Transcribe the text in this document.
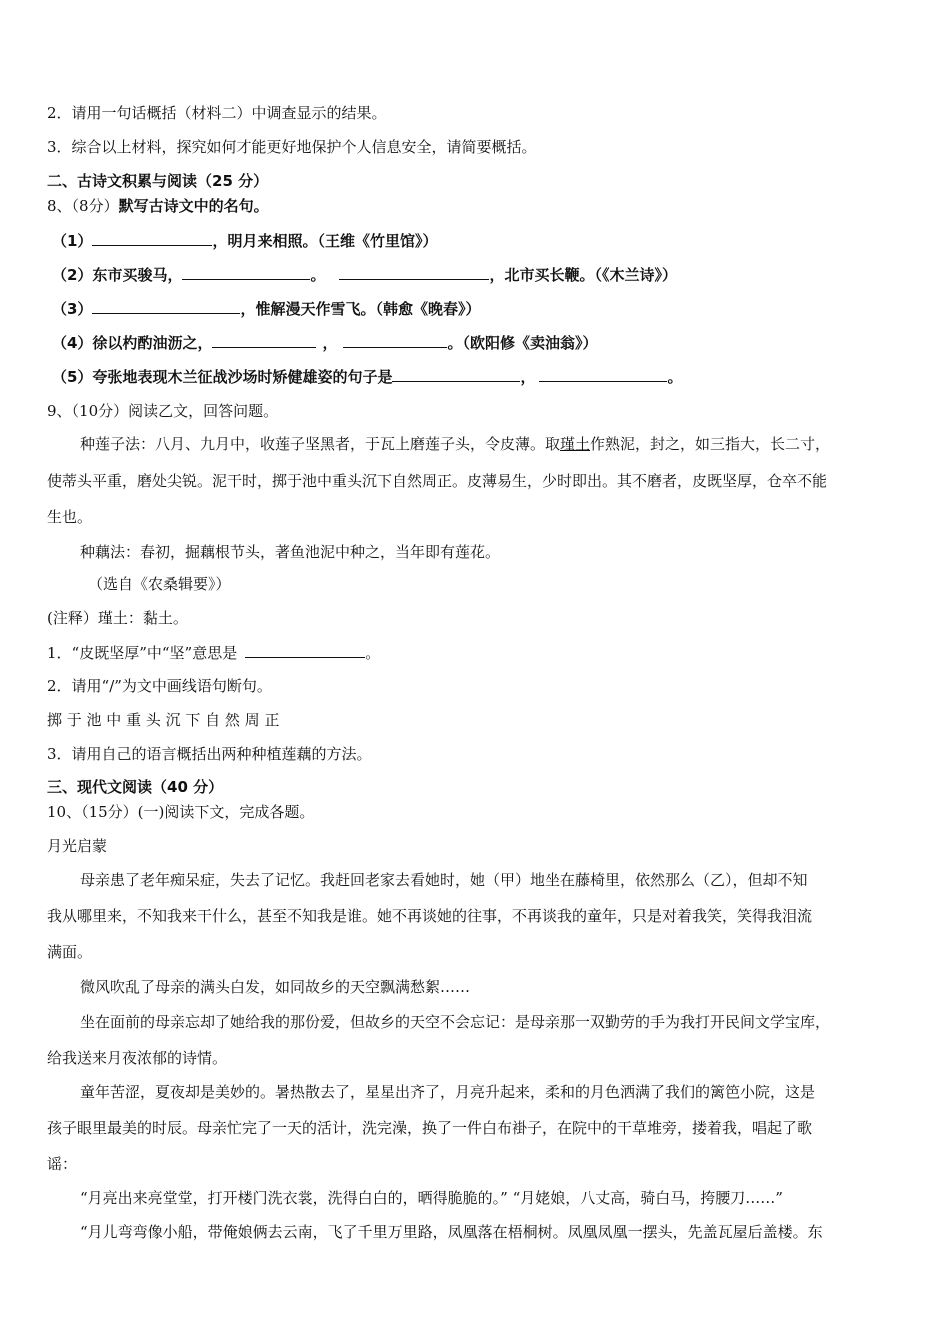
2．请用一句话概括（材料二）中调查显示的结果。
3．综合以上材料，探究如何才能更好地保护个人信息安全，请简要概括。
二、古诗文积累与阅读（25 分）
8、（8分）默写古诗文中的名句。
（1）	，明月来相照。（王维《竹里馆》）
（2）东市买骏马，	。	，北市买长鞭。（《木兰诗》）
（3）	，惟解漫天作雪飞。（韩愈《晚春》）
（4）徐以杓酌油沥之，	，	。（欧阳修《卖油翁》）
（5）夸张地表现木兰征战沙场时矫健雄姿的句子是	，	。
9、（10分）阅读乙文，回答问题。
种莲子法：八月、九月中，收莲子坚黑者，于瓦上磨莲子头，令皮薄。取瑾土作熟泥，封之，如三指大，长二寸，
使蒂头平重，磨处尖锐。泥干时，掷于池中重头沉下自然周正。皮薄易生，少时即出。其不磨者，皮既坚厚，仓卒不能
生也。
种藕法：春初，掘藕根节头，著鱼池泥中种之，当年即有莲花。
（选自《农桑辑要》）
(注释）瑾土：黏土。
1．“皮既坚厚”中“坚”意思是	。
2．请用“/”为文中画线语句断句。
掷 于 池 中 重 头 沉 下 自 然 周 正
3．请用自己的语言概括出两种种植莲藕的方法。
三、现代文阅读（40 分）
10、（15分）(一)阅读下文，完成各题。
月光启蒙
母亲患了老年痴呆症，失去了记忆。我赶回老家去看她时，她（甲）地坐在藤椅里，依然那么（乙），但却不知
我从哪里来，不知我来干什么，甚至不知我是谁。她不再谈她的往事，不再谈我的童年，只是对着我笑，笑得我泪流
满面。
微风吹乱了母亲的满头白发，如同故乡的天空飘满愁絮……
坐在面前的母亲忘却了她给我的那份爱，但故乡的天空不会忘记：是母亲那一双勤劳的手为我打开民间文学宝库，
给我送来月夜浓郁的诗情。
童年苦涩，夏夜却是美妙的。暑热散去了，星星出齐了，月亮升起来，柔和的月色洒满了我们的篱笆小院，这是
孩子眼里最美的时辰。母亲忙完了一天的活计，洗完澡，换了一件白布褂子，在院中的干草堆旁，搂着我，唱起了歌
谣：
“月亮出来亮堂堂，打开楼门洗衣裳，洗得白白的，晒得脆脆的。” “月姥娘，八丈高，骑白马，挎腰刀……”
“月儿弯弯像小船，带俺娘俩去云南，飞了千里万里路，凤凰落在梧桐树。凤凰凤凰一摆头，先盖瓦屋后盖楼。东
